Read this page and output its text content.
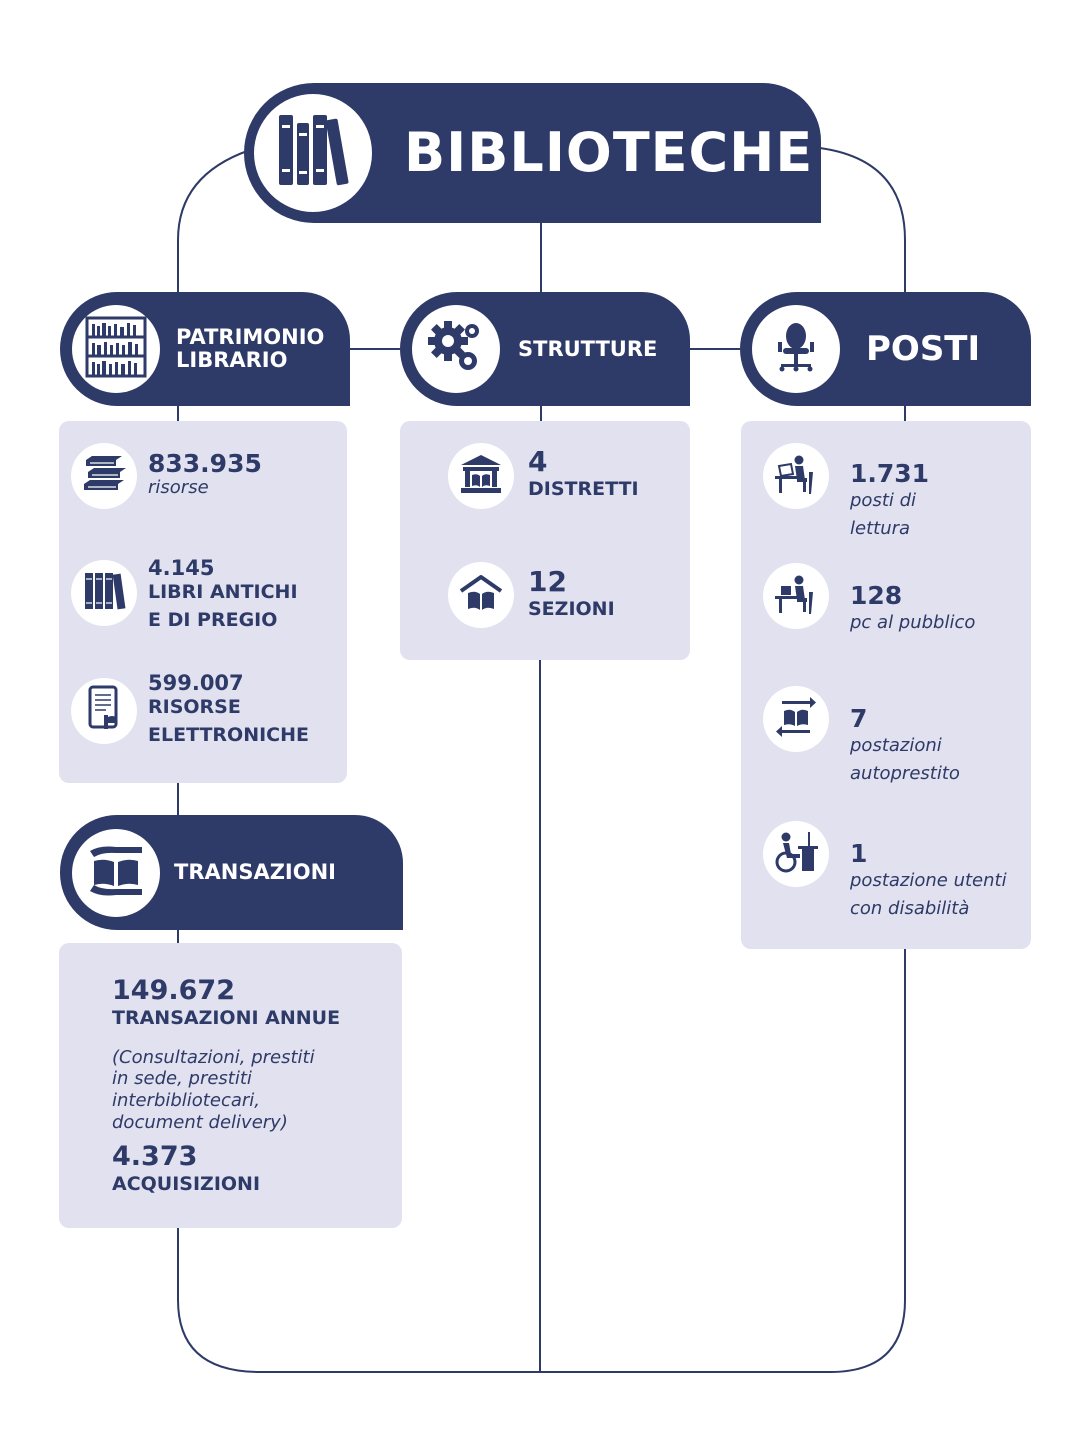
BIBLIOTECHE
PATRIMONIO
LIBRARIO	STRUTTURE	POSTI
833.935
risorse
4.145
LIBRI ANTICHI
E DI PREGIO
599.007
RISORSE
ELETTRONICHE
4
DISTRETTI
12
SEZIONI
1.731
posti di
lettura
128
pc al pubblico
7
postazioni
autoprestito
1
postazione utenti
con disabilità
TRANSAZIONI
149.672
TRANSAZIONI ANNUE
(Consultazioni, prestiti
in sede, prestiti
interbibliotecari,
document delivery)
4.373
ACQUISIZIONI
